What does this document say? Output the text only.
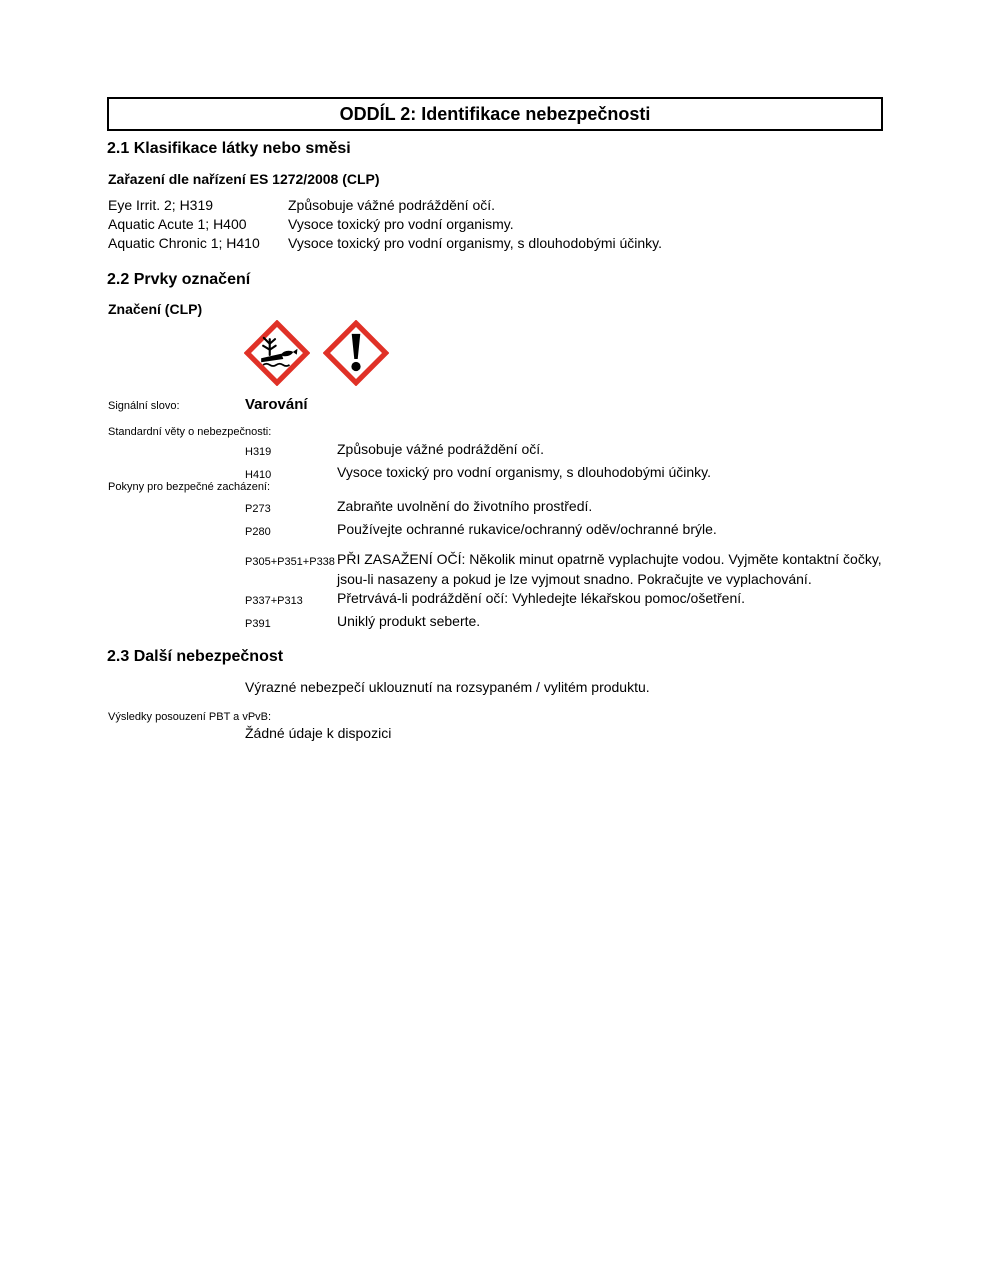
ODDÍL 2: Identifikace nebezpečnosti
2.1 Klasifikace látky nebo směsi
Zařazení dle nařízení ES 1272/2008 (CLP)
Eye Irrit. 2; H319	Způsobuje vážné podráždění očí.
Aquatic Acute 1; H400	Vysoce toxický pro vodní organismy.
Aquatic Chronic 1; H410	Vysoce toxický pro vodní organismy, s dlouhodobými účinky.
2.2 Prvky označení
Značení (CLP)
Signální slovo:	Varování
Standardní věty o nebezpečnosti:
H319	Způsobuje vážné podráždění očí.
H410	Vysoce toxický pro vodní organismy, s dlouhodobými účinky.
Pokyny pro bezpečné zacházení:
P273	Zabraňte uvolnění do životního prostředí.
P280	Používejte ochranné rukavice/ochranný oděv/ochranné brýle.
P305+P351+P338 PŘI ZASAŽENÍ OČÍ: Několik minut opatrně vyplachujte vodou. Vyjměte kontaktní čočky, jsou-li nasazeny a pokud je lze vyjmout snadno. Pokračujte ve vyplachování.
P337+P313	Přetrvává-li podráždění očí: Vyhledejte lékařskou pomoc/ošetření.
P391	Uniklý produkt seberte.
2.3 Další nebezpečnost
Výrazné nebezpečí uklouznutí na rozsypaném / vylitém produktu.
Výsledky posouzení PBT a vPvB:
Žádné údaje k dispozici
